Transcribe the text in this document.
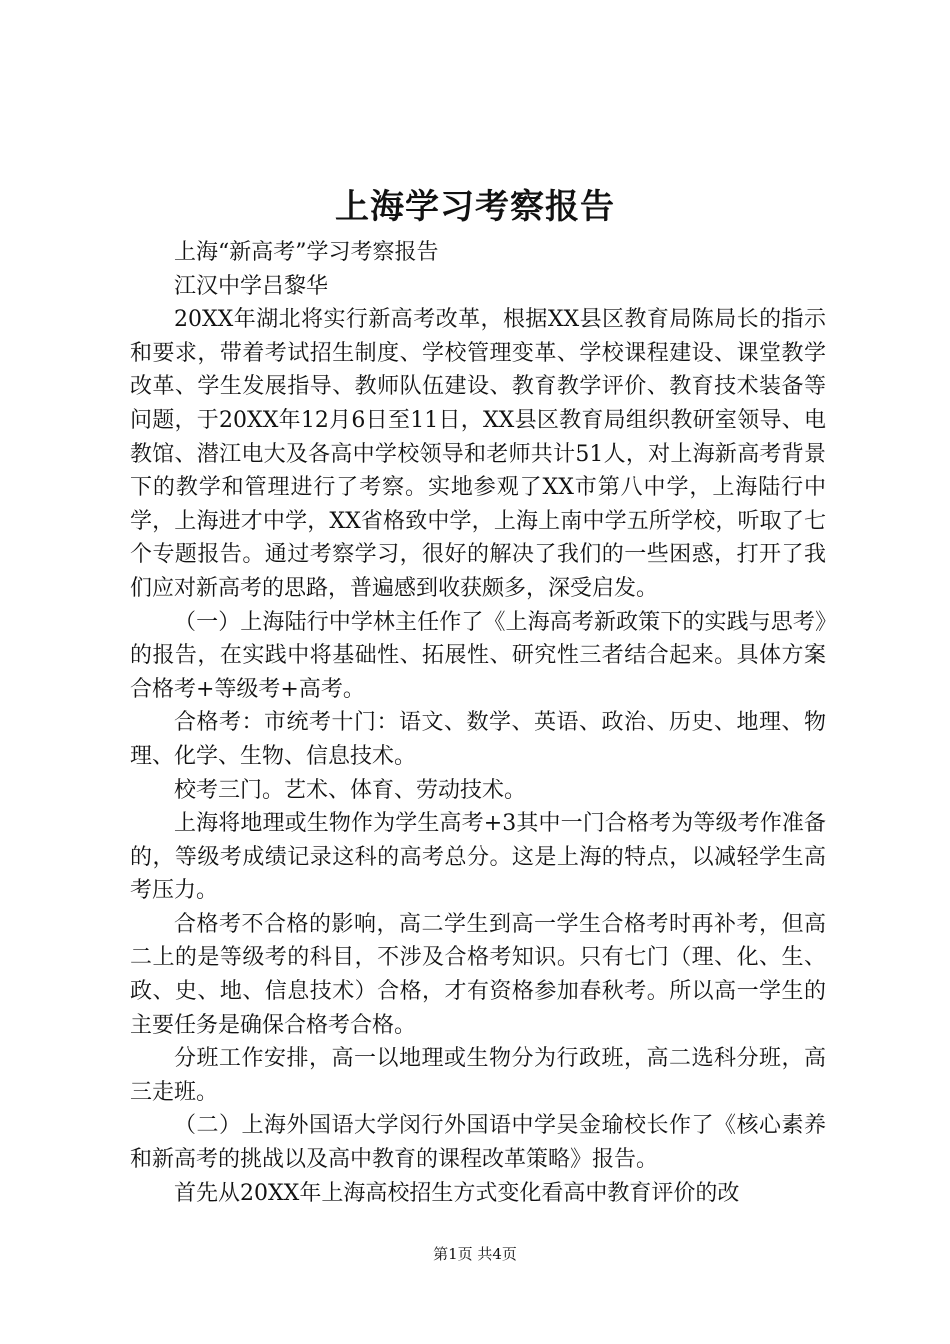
上海学习考察报告

上海“新高考”学习考察报告

江汉中学吕黎华

20XX年湖北将实行新高考改革，根据XX县区教育局陈局长的指示和要求，带着考试招生制度、学校管理变革、学校课程建设、课堂教学改革、学生发展指导、教师队伍建设、教育教学评价、教育技术装备等问题，于20XX年12月6日至11日，XX县区教育局组织教研室领导、电教馆、潜江电大及各高中学校领导和老师共计51人，对上海新高考背景下的教学和管理进行了考察。实地参观了XX市第八中学，上海陆行中学，上海进才中学，XX省格致中学，上海上南中学五所学校，听取了七个专题报告。通过考察学习，很好的解决了我们的一些困惑，打开了我们应对新高考的思路，普遍感到收获颇多，深受启发。

（一）上海陆行中学林主任作了《上海高考新政策下的实践与思考》的报告，在实践中将基础性、拓展性、研究性三者结合起来。具体方案合格考+等级考+高考。

合格考：市统考十门：语文、数学、英语、政治、历史、地理、物理、化学、生物、信息技术。

校考三门。艺术、体育、劳动技术。

上海将地理或生物作为学生高考+3其中一门合格考为等级考作准备的，等级考成绩记录这科的高考总分。这是上海的特点，以减轻学生高考压力。

合格考不合格的影响，高二学生到高一学生合格考时再补考，但高二上的是等级考的科目，不涉及合格考知识。只有七门（理、化、生、政、史、地、信息技术）合格，才有资格参加春秋考。所以高一学生的主要任务是确保合格考合格。

分班工作安排，高一以地理或生物分为行政班，高二选科分班，高三走班。

（二）上海外国语大学闵行外国语中学吴金瑜校长作了《核心素养和新高考的挑战以及高中教育的课程改革策略》报告。

首先从20XX年上海高校招生方式变化看高中教育评价的改

第1页 共4页
